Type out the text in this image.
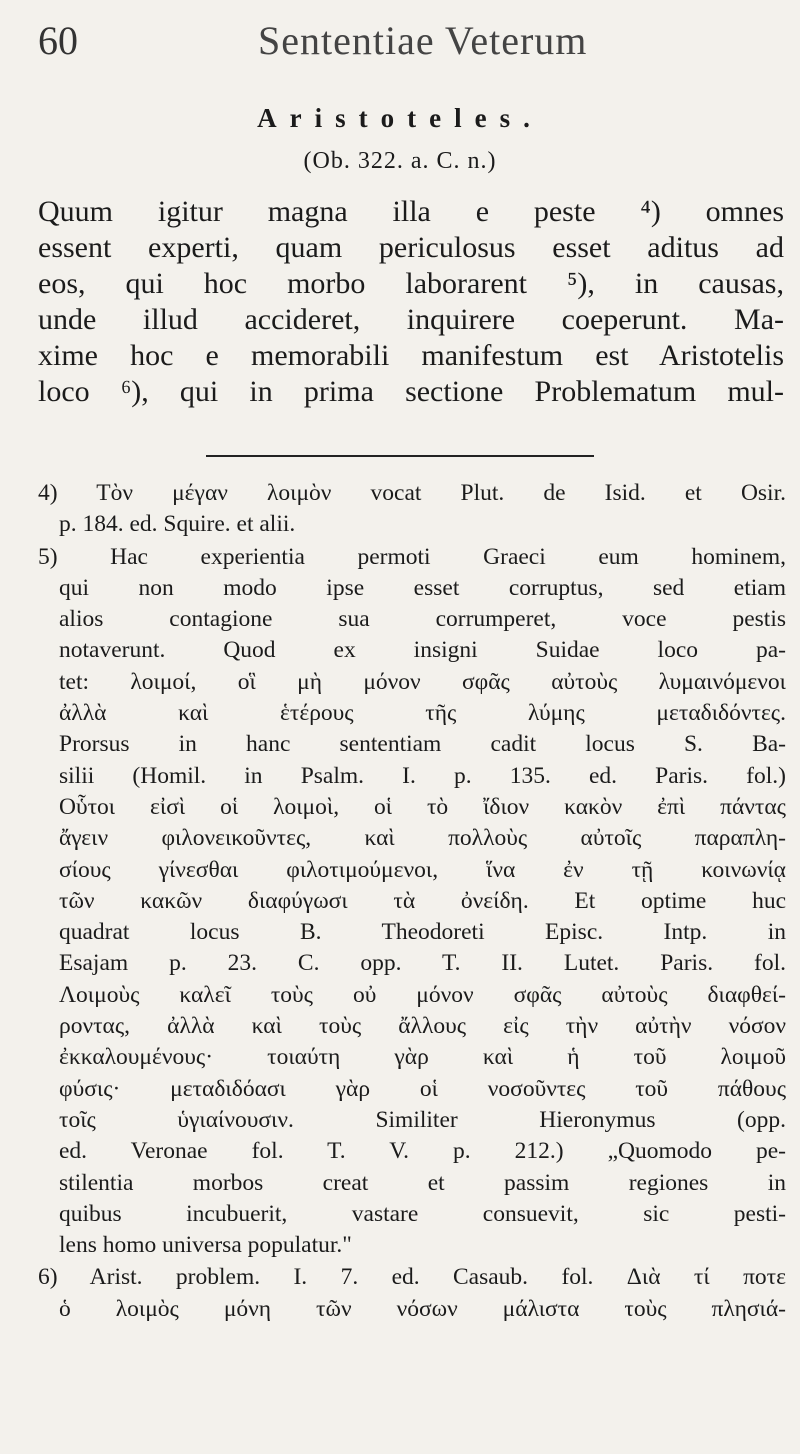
60	Sententiae Veterum
Aristoteles.
(Ob. 322. a. C. n.)
Quum igitur magna illa e peste ⁴) omnes
essent experti, quam periculosus esset aditus ad
eos, qui hoc morbo laborarent ⁵), in causas,
unde illud accideret, inquirere coeperunt. Ma-
xime hoc e memorabili manifestum est Aristotelis
loco ⁶), qui in prima sectione Problematum mul-
4) Τὸν μέγαν λοιμὸν vocat Plut. de Isid. et Osir.
p. 184. ed. Squire. et alii.
5) Hac experientia permoti Graeci eum hominem,
qui non modo ipse esset corruptus, sed etiam
alios contagione sua corrumperet, voce pestis
notaverunt. Quod ex insigni Suidae loco pa-
tet: λοιμοί, οἳ μὴ μόνον σφᾶς αὐτοὺς λυμαινόμενοι
ἀλλὰ καὶ ἑτέρους τῆς λύμης μεταδιδόντες.
Prorsus in hanc sententiam cadit locus S. Ba-
silii (Homil. in Psalm. I. p. 135. ed. Paris. fol.)
Οὗτοι εἰσὶ οἱ λοιμοὶ, οἱ τὸ ἴδιον κακὸν ἐπὶ πάντας
ἄγειν φιλονεικοῦντες, καὶ πολλοὺς αὐτοῖς παραπλη-
σίους γίνεσθαι φιλοτιμούμενοι, ἵνα ἐν τῇ κοινωνίᾳ
τῶν κακῶν διαφύγωσι τὰ ὀνείδη. Et optime huc
quadrat locus B. Theodoreti Episc. Intp. in
Esajam p. 23. C. opp. T. II. Lutet. Paris. fol.
Λοιμοὺς καλεῖ τοὺς οὐ μόνον σφᾶς αὐτοὺς διαφθεί-
ροντας, ἀλλὰ καὶ τοὺς ἄλλους εἰς τὴν αὐτὴν νόσον
ἐκκαλουμένους· τοιαύτη γὰρ καὶ ἡ τοῦ λοιμοῦ
φύσις· μεταδιδόασι γὰρ οἱ νοσοῦντες τοῦ πάθους
τοῖς ὑγιαίνουσιν. Similiter Hieronymus (opp.
ed. Veronae fol. T. V. p. 212.) „Quomodo pe-
stilentia morbos creat et passim regiones in
quibus incubuerit, vastare consuevit, sic pesti-
lens homo universa populatur."
6) Arist. problem. I. 7. ed. Casaub. fol. Διὰ τί ποτε
ὁ λοιμὸς μόνη τῶν νόσων μάλιστα τοὺς πλησιά-
